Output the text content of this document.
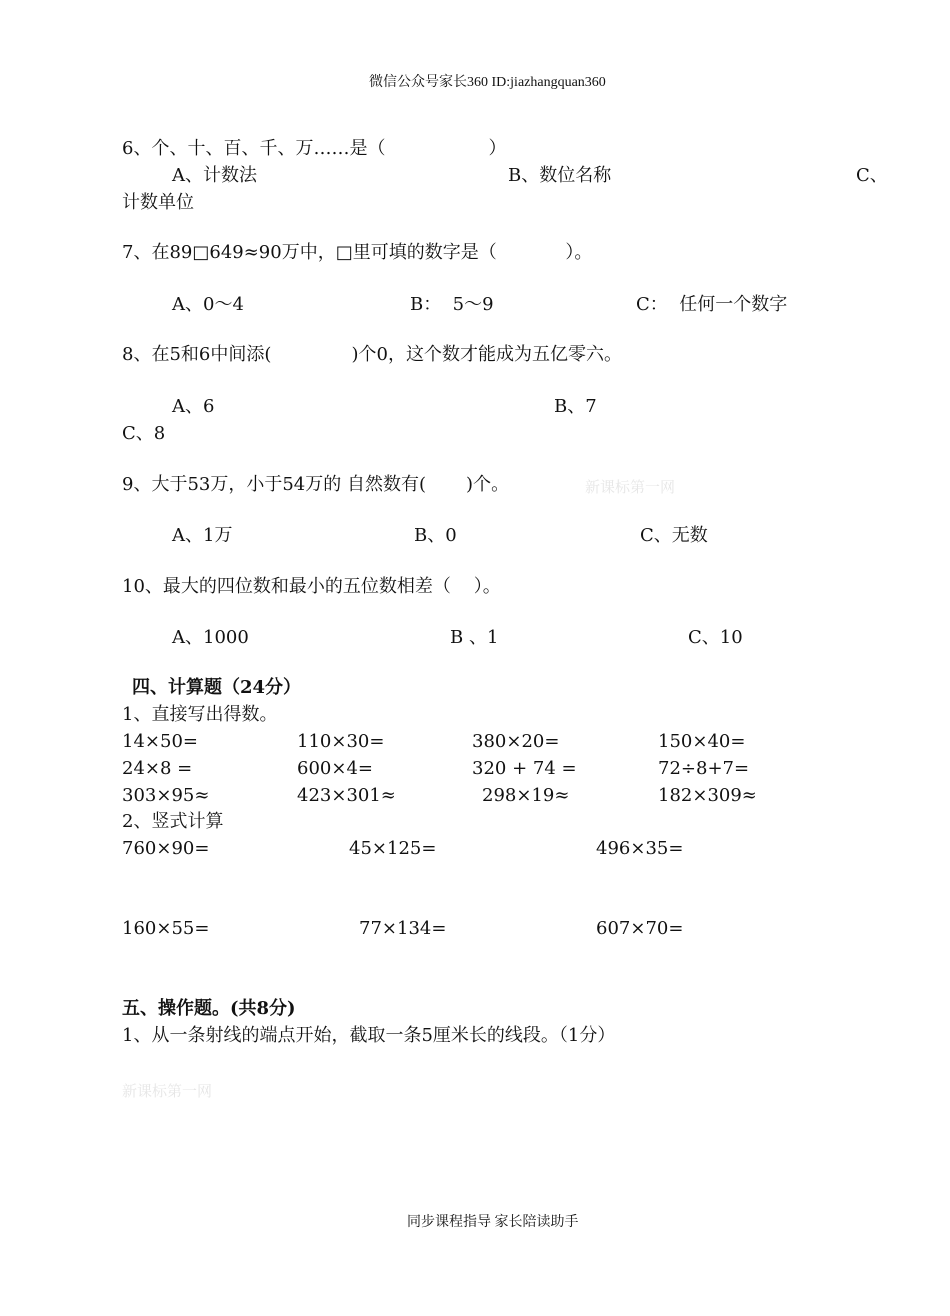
微信公众号家长360 ID:jiazhangquan360
6、个、十、百、千、万……是（                  ）
A、计数法	B、数位名称	C、
计数单位
7、在89□649≈90万中，□里可填的数字是（            ）。
A、0～4	B：  5～9	C：  任何一个数字
8、在5和6中间添(              )个0，这个数才能成为五亿零六。
A、6	B、7
C、8
9、大于53万，小于54万的 自然数有(       )个。	新课标第一网
A、1万	B、0	C、无数
10、最大的四位数和最小的五位数相差（    ）。
A、1000	B 、1	C、10
四、计算题（24分）
1、直接写出得数。
14×50=	110×30=	380×20=	150×40=
24×8 =	600×4=	320 + 74 =	72÷8+7=
303×95≈	423×301≈	298×19≈	182×309≈
2、竖式计算
760×90=	45×125=	496×35=
160×55=	77×134=	607×70=
五、操作题。(共8分)
1、从一条射线的端点开始，截取一条5厘米长的线段。（1分）
新课标第一网
同步课程指导 家长陪读助手
